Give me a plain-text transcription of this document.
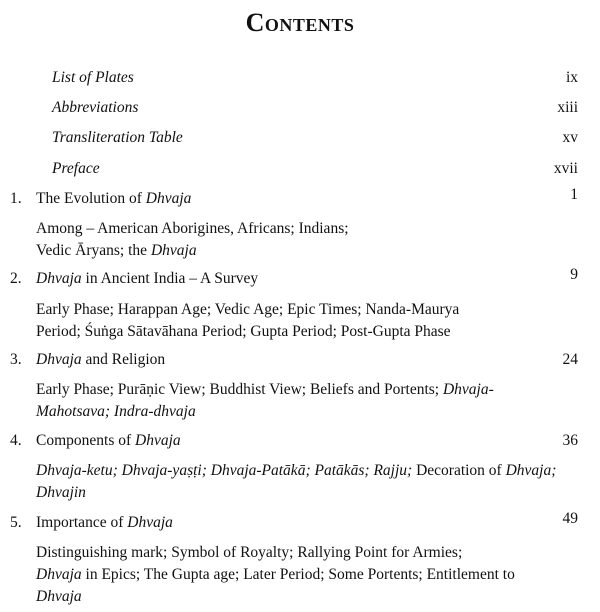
Contents
List of Plates	ix
Abbreviations	xiii
Transliteration Table	xv
Preface	xvii
1. The Evolution of Dhvaja	1
Among – American Aborigines, Africans; Indians;
Vedic Āryans; the Dhvaja
2. Dhvaja in Ancient India – A Survey	9
Early Phase; Harappan Age; Vedic Age; Epic Times; Nanda-Maurya
Period; Śuṅga Sātavāhana Period; Gupta Period; Post-Gupta Phase
3. Dhvaja and Religion	24
Early Phase; Purāṇic View; Buddhist View; Beliefs and Portents; Dhvaja-
Mahotsava; Indra-dhvaja
4. Components of Dhvaja	36
Dhvaja-ketu; Dhvaja-yaṣṭi; Dhvaja-Patākā; Patākās; Rajju; Decoration of Dhvaja;
Dhvajin
5. Importance of Dhvaja	49
Distinguishing mark; Symbol of Royalty; Rallying Point for Armies;
Dhvaja in Epics; The Gupta age; Later Period; Some Portents; Entitlement to
Dhvaja
